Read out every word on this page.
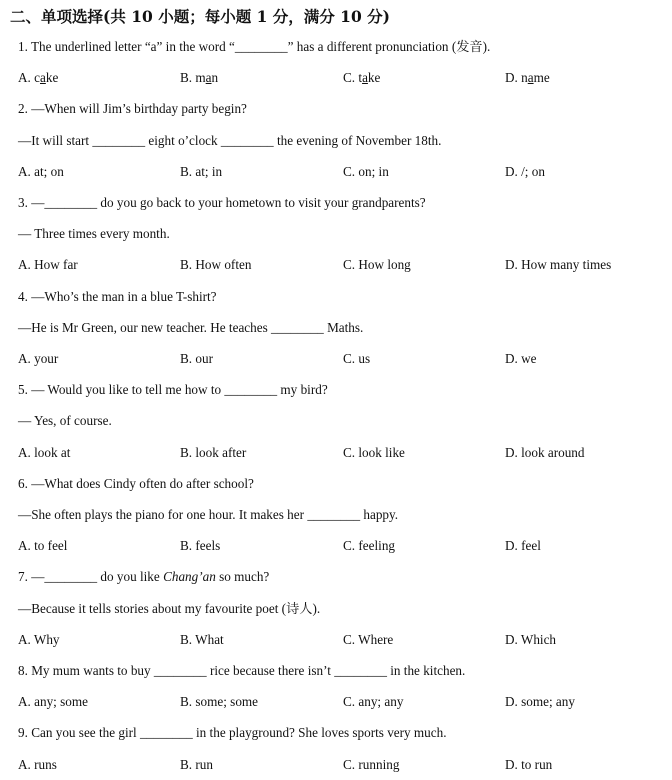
二、单项选择(共 10 小题；每小题 1 分，满分 10 分)
1. The underlined letter “a” in the word “________” has a different pronunciation (发音).
A. cake	B. man	C. take	D. name
2. —When will Jim’s birthday party begin?
—It will start ________ eight o’clock ________ the evening of November 18th.
A. at; on	B. at; in	C. on; in	D. /; on
3. —________ do you go back to your hometown to visit your grandparents?
— Three times every month.
A. How far	B. How often	C. How long	D. How many times
4. —Who’s the man in a blue T-shirt?
—He is Mr Green, our new teacher. He teaches ________ Maths.
A. your	B. our	C. us	D. we
5. — Would you like to tell me how to ________ my bird?
— Yes, of course.
A. look at	B. look after	C. look like	D. look around
6. —What does Cindy often do after school?
—She often plays the piano for one hour. It makes her ________ happy.
A. to feel	B. feels	C. feeling	D. feel
7. —________ do you like Chang’an so much?
—Because it tells stories about my favourite poet (诗人).
A. Why	B. What	C. Where	D. Which
8. My mum wants to buy ________ rice because there isn’t ________ in the kitchen.
A. any; some	B. some; some	C. any; any	D. some; any
9. Can you see the girl ________ in the playground? She loves sports very much.
A. runs	B. run	C. running	D. to run
